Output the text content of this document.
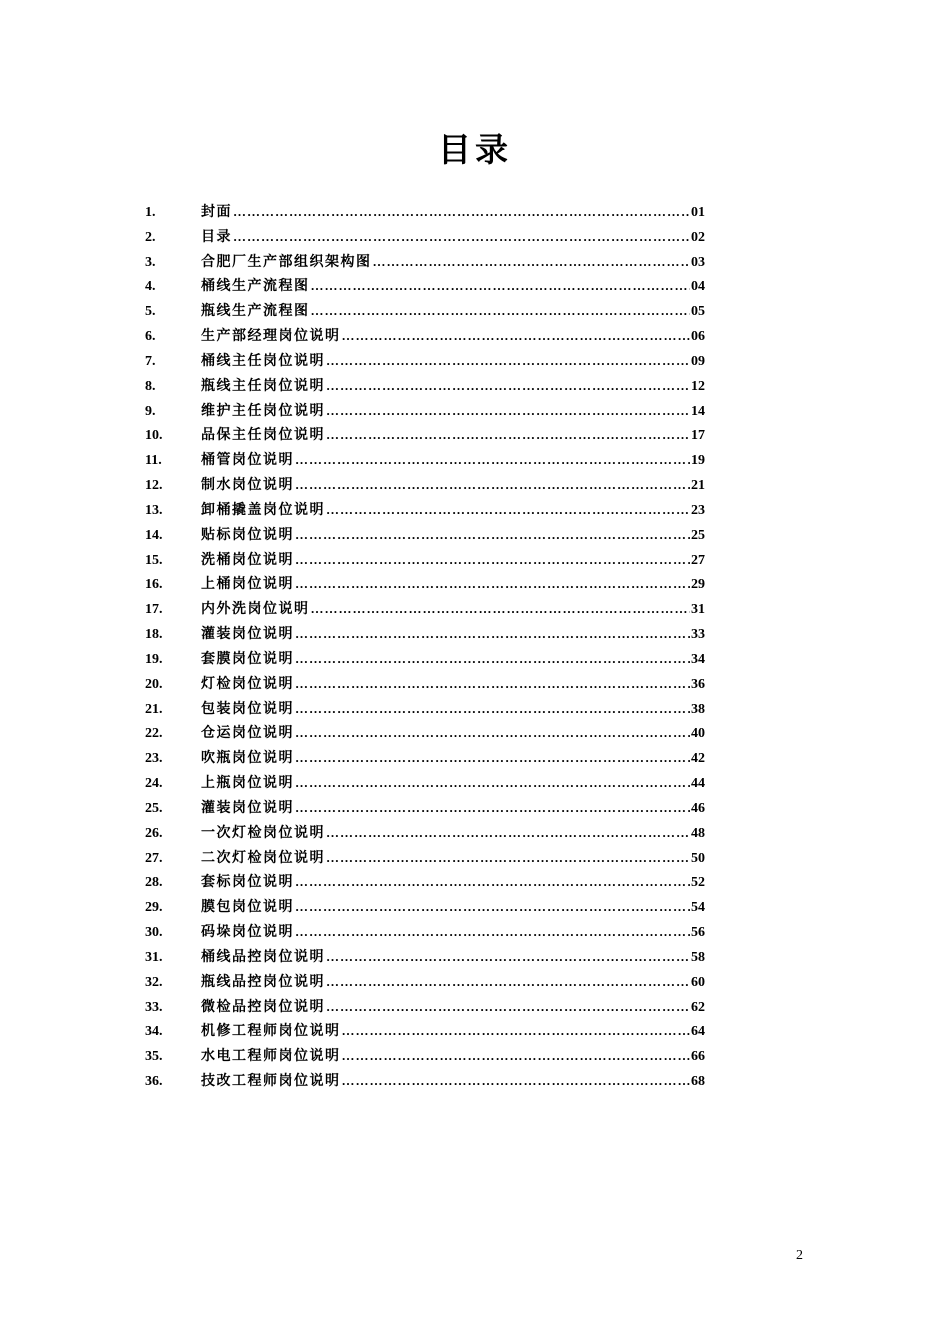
目录
1.	封面 ……………………………………………………………………………………………………………………………………………………………………………………………………………………	01
2.	目录 ……………………………………………………………………………………………………………………………………………………………………………………………………………………	02
3.	合肥厂生产部组织架构图 ……………………………………………………………………………………………………………………………………………………………………………………………………………………	03
4.	桶线生产流程图 ……………………………………………………………………………………………………………………………………………………………………………………………………………………	04
5.	瓶线生产流程图 ……………………………………………………………………………………………………………………………………………………………………………………………………………………	05
6.	生产部经理岗位说明 ……………………………………………………………………………………………………………………………………………………………………………………………………………………	06
7.	桶线主任岗位说明 ……………………………………………………………………………………………………………………………………………………………………………………………………………………	09
8.	瓶线主任岗位说明 ……………………………………………………………………………………………………………………………………………………………………………………………………………………	12
9.	维护主任岗位说明 ……………………………………………………………………………………………………………………………………………………………………………………………………………………	14
10.	品保主任岗位说明 ……………………………………………………………………………………………………………………………………………………………………………………………………………………	17
11.	桶管岗位说明 ……………………………………………………………………………………………………………………………………………………………………………………………………………………	19
12.	制水岗位说明 ……………………………………………………………………………………………………………………………………………………………………………………………………………………	21
13.	卸桶撬盖岗位说明 ……………………………………………………………………………………………………………………………………………………………………………………………………………………	23
14.	贴标岗位说明 ……………………………………………………………………………………………………………………………………………………………………………………………………………………	25
15.	洗桶岗位说明 ……………………………………………………………………………………………………………………………………………………………………………………………………………………	27
16.	上桶岗位说明 ……………………………………………………………………………………………………………………………………………………………………………………………………………………	29
17.	内外洗岗位说明 ……………………………………………………………………………………………………………………………………………………………………………………………………………………	31
18.	灌装岗位说明 ……………………………………………………………………………………………………………………………………………………………………………………………………………………	33
19.	套膜岗位说明 ……………………………………………………………………………………………………………………………………………………………………………………………………………………	34
20.	灯检岗位说明 ……………………………………………………………………………………………………………………………………………………………………………………………………………………	36
21.	包装岗位说明 ……………………………………………………………………………………………………………………………………………………………………………………………………………………	38
22.	仓运岗位说明 ……………………………………………………………………………………………………………………………………………………………………………………………………………………	40
23.	吹瓶岗位说明 ……………………………………………………………………………………………………………………………………………………………………………………………………………………	42
24.	上瓶岗位说明 ……………………………………………………………………………………………………………………………………………………………………………………………………………………	44
25.	灌装岗位说明 ……………………………………………………………………………………………………………………………………………………………………………………………………………………	46
26.	一次灯检岗位说明 ……………………………………………………………………………………………………………………………………………………………………………………………………………………	48
27.	二次灯检岗位说明 ……………………………………………………………………………………………………………………………………………………………………………………………………………………	50
28.	套标岗位说明 ……………………………………………………………………………………………………………………………………………………………………………………………………………………	52
29.	膜包岗位说明 ……………………………………………………………………………………………………………………………………………………………………………………………………………………	54
30.	码垛岗位说明 ……………………………………………………………………………………………………………………………………………………………………………………………………………………	56
31.	桶线品控岗位说明 ……………………………………………………………………………………………………………………………………………………………………………………………………………………	58
32.	瓶线品控岗位说明 ……………………………………………………………………………………………………………………………………………………………………………………………………………………	60
33.	微检品控岗位说明 ……………………………………………………………………………………………………………………………………………………………………………………………………………………	62
34.	机修工程师岗位说明 ……………………………………………………………………………………………………………………………………………………………………………………………………………………	64
35.	水电工程师岗位说明 ……………………………………………………………………………………………………………………………………………………………………………………………………………………	66
36.	技改工程师岗位说明 ……………………………………………………………………………………………………………………………………………………………………………………………………………………	68
2
